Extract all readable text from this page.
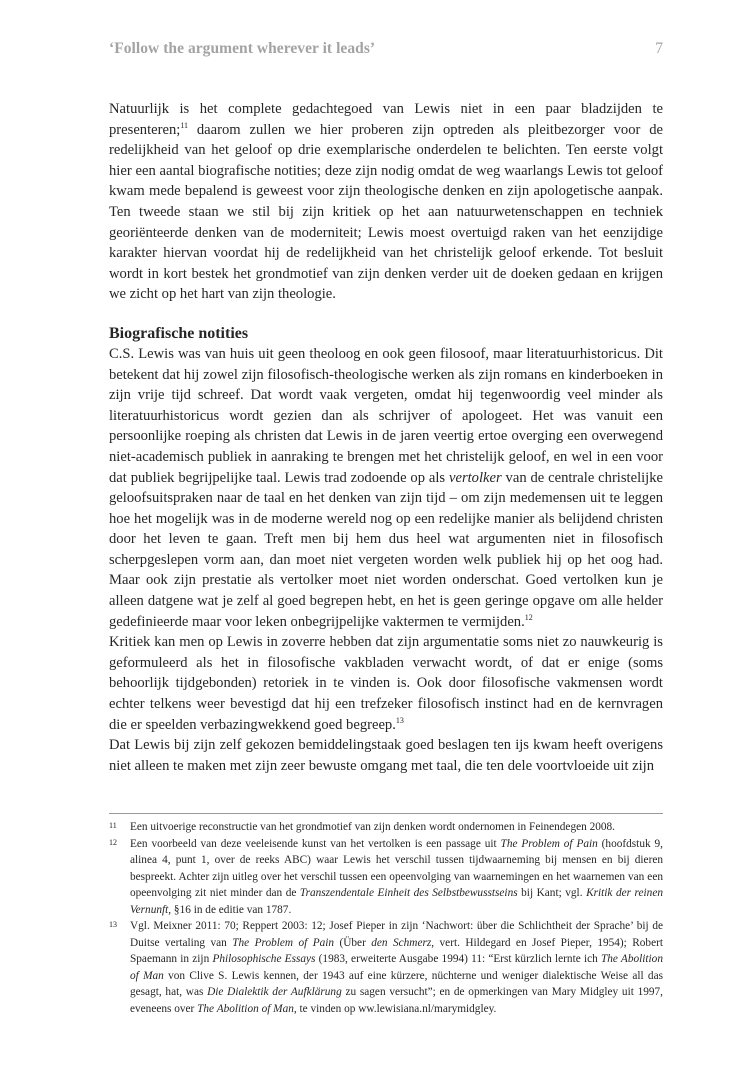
‘Follow the argument wherever it leads’	7

Natuurlijk is het complete gedachtegoed van Lewis niet in een paar bladzijden te presenteren;$^{11}$ daarom zullen we hier proberen zijn optreden als pleitbezorger voor de redelijkheid van het geloof op drie exemplarische onderdelen te belichten. Ten eerste volgt hier een aantal biografische notities; deze zijn nodig omdat de weg waarlangs Lewis tot geloof kwam mede bepalend is geweest voor zijn theologische denken en zijn apologetische aanpak. Ten tweede staan we stil bij zijn kritiek op het aan natuurwetenschappen en techniek georiënteerde denken van de moderniteit; Lewis moest overtuigd raken van het eenzijdige karakter hiervan voordat hij de redelijkheid van het christelijk geloof erkende. Tot besluit wordt in kort bestek het grondmotief van zijn denken verder uit de doeken gedaan en krijgen we zicht op het hart van zijn theologie.

Biografische notities

C.S. Lewis was van huis uit geen theoloog en ook geen filosoof, maar literatuurhistoricus. Dit betekent dat hij zowel zijn filosofisch-theologische werken als zijn romans en kinderboeken in zijn vrije tijd schreef. Dat wordt vaak vergeten, omdat hij tegenwoordig veel minder als literatuurhistoricus wordt gezien dan als schrijver of apologeet. Het was vanuit een persoonlijke roeping als christen dat Lewis in de jaren veertig ertoe overging een overwegend niet-academisch publiek in aanraking te brengen met het christelijk geloof, en wel in een voor dat publiek begrijpelijke taal. Lewis trad zodoende op als vertolker van de centrale christelijke geloofsuitspraken naar de taal en het denken van zijn tijd – om zijn medemensen uit te leggen hoe het mogelijk was in de moderne wereld nog op een redelijke manier als belijdend christen door het leven te gaan. Treft men bij hem dus heel wat argumenten niet in filosofisch scherpgeslepen vorm aan, dan moet niet vergeten worden welk publiek hij op het oog had. Maar ook zijn prestatie als vertolker moet niet worden onderschat. Goed vertolken kun je alleen datgene wat je zelf al goed begrepen hebt, en het is geen geringe opgave om alle helder gedefinieerde maar voor leken onbegrijpelijke vaktermen te vermijden.$^{12}$

Kritiek kan men op Lewis in zoverre hebben dat zijn argumentatie soms niet zo nauwkeurig is geformuleerd als het in filosofische vakbladen verwacht wordt, of dat er enige (soms behoorlijk tijdgebonden) retoriek in te vinden is. Ook door filosofische vakmensen wordt echter telkens weer bevestigd dat hij een trefzeker filosofisch instinct had en de kernvragen die er speelden verbazingwekkend goed begreep.$^{13}$

Dat Lewis bij zijn zelf gekozen bemiddelingstaak goed beslagen ten ijs kwam heeft overigens niet alleen te maken met zijn zeer bewuste omgang met taal, die ten dele voortvloeide uit zijn

11 Een uitvoerige reconstructie van het grondmotief van zijn denken wordt ondernomen in Feinendegen 2008.
12 Een voorbeeld van deze veeleisende kunst van het vertolken is een passage uit The Problem of Pain (hoofdstuk 9, alinea 4, punt 1, over de reeks ABC) waar Lewis het verschil tussen tijdwaarneming bij mensen en bij dieren bespreekt. Achter zijn uitleg over het verschil tussen een opeenvolging van waarnemingen en het waarnemen van een opeenvolging zit niet minder dan de Transzendentale Einheit des Selbstbewusstseins bij Kant; vgl. Kritik der reinen Vernunft, §16 in de editie van 1787.
13 Vgl. Meixner 2011: 70; Reppert 2003: 12; Josef Pieper in zijn ‘Nachwort: über die Schlichtheit der Sprache’ bij de Duitse vertaling van The Problem of Pain (Über den Schmerz, vert. Hildegard en Josef Pieper, 1954); Robert Spaemann in zijn Philosophische Essays (1983, erweiterte Ausgabe 1994) 11: “Erst kürzlich lernte ich The Abolition of Man von Clive S. Lewis kennen, der 1943 auf eine kürzere, nüchterne und weniger dialektische Weise all das gesagt, hat, was Die Dialektik der Aufklärung zu sagen versucht”; en de opmerkingen van Mary Midgley uit 1997, eveneens over The Abolition of Man, te vinden op ww.lewisiana.nl/marymidgley.
